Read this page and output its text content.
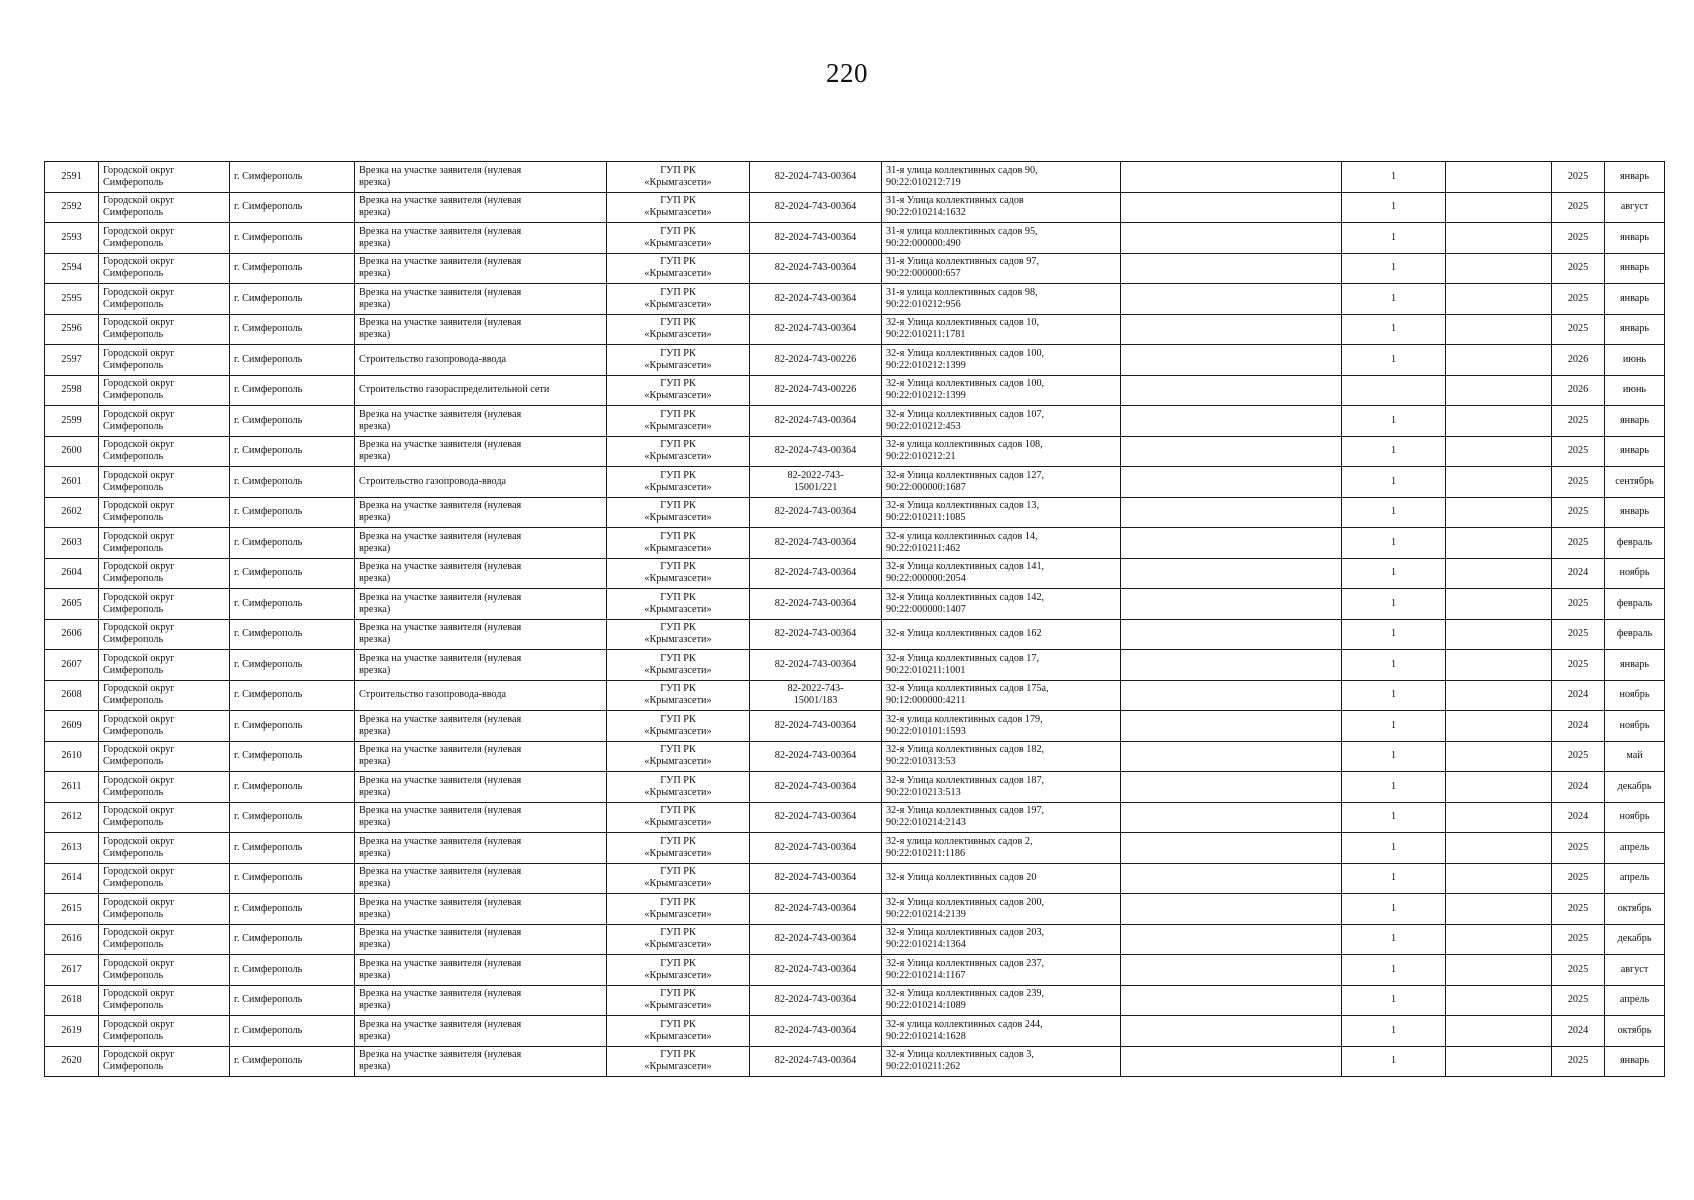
220
2591	Городской округ
Симферополь	г. Симферополь	Врезка на участке заявителя (нулевая
врезка)	ГУП РК
«Крымгазсети»	82-2024-743-00364	31-я улица коллективных садов 90,
90:22:010212:719		1		2025	январь
2592	Городской округ
Симферополь	г. Симферополь	Врезка на участке заявителя (нулевая
врезка)	ГУП РК
«Крымгазсети»	82-2024-743-00364	31-я Улица коллективных садов
90:22:010214:1632		1		2025	август
2593	Городской округ
Симферополь	г. Симферополь	Врезка на участке заявителя (нулевая
врезка)	ГУП РК
«Крымгазсети»	82-2024-743-00364	31-я улица коллективных садов 95,
90:22:000000:490		1		2025	январь
2594	Городской округ
Симферополь	г. Симферополь	Врезка на участке заявителя (нулевая
врезка)	ГУП РК
«Крымгазсети»	82-2024-743-00364	31-я Улица коллективных садов 97,
90:22:000000:657		1		2025	январь
2595	Городской округ
Симферополь	г. Симферополь	Врезка на участке заявителя (нулевая
врезка)	ГУП РК
«Крымгазсети»	82-2024-743-00364	31-я улица коллективных садов 98,
90:22:010212:956		1		2025	январь
2596	Городской округ
Симферополь	г. Симферополь	Врезка на участке заявителя (нулевая
врезка)	ГУП РК
«Крымгазсети»	82-2024-743-00364	32-я Улица коллективных садов 10,
90:22:010211:1781		1		2025	январь
2597	Городской округ
Симферополь	г. Симферополь	Строительство газопровода-ввода	ГУП РК
«Крымгазсети»	82-2024-743-00226	32-я Улица коллективных садов 100,
90:22:010212:1399		1		2026	июнь
2598	Городской округ
Симферополь	г. Симферополь	Строительство газораспределительной сети	ГУП РК
«Крымгазсети»	82-2024-743-00226	32-я Улица коллективных садов 100,
90:22:010212:1399				2026	июнь
2599	Городской округ
Симферополь	г. Симферополь	Врезка на участке заявителя (нулевая
врезка)	ГУП РК
«Крымгазсети»	82-2024-743-00364	32-я Улица коллективных садов 107,
90:22:010212:453		1		2025	январь
2600	Городской округ
Симферополь	г. Симферополь	Врезка на участке заявителя (нулевая
врезка)	ГУП РК
«Крымгазсети»	82-2024-743-00364	32-я улица коллективных садов 108,
90:22:010212:21		1		2025	январь
2601	Городской округ
Симферополь	г. Симферополь	Строительство газопровода-ввода	ГУП РК
«Крымгазсети»	82-2022-743-
15001/221	32-я Улица коллективных садов 127,
90:22:000000:1687		1		2025	сентябрь
2602	Городской округ
Симферополь	г. Симферополь	Врезка на участке заявителя (нулевая
врезка)	ГУП РК
«Крымгазсети»	82-2024-743-00364	32-я Улица коллективных садов 13,
90:22:010211:1085		1		2025	январь
2603	Городской округ
Симферополь	г. Симферополь	Врезка на участке заявителя (нулевая
врезка)	ГУП РК
«Крымгазсети»	82-2024-743-00364	32-я улица коллективных садов 14,
90:22:010211:462		1		2025	февраль
2604	Городской округ
Симферополь	г. Симферополь	Врезка на участке заявителя (нулевая
врезка)	ГУП РК
«Крымгазсети»	82-2024-743-00364	32-я Улица коллективных садов 141,
90:22:000000:2054		1		2024	ноябрь
2605	Городской округ
Симферополь	г. Симферополь	Врезка на участке заявителя (нулевая
врезка)	ГУП РК
«Крымгазсети»	82-2024-743-00364	32-я Улица коллективных садов 142,
90:22:000000:1407		1		2025	февраль
2606	Городской округ
Симферополь	г. Симферополь	Врезка на участке заявителя (нулевая
врезка)	ГУП РК
«Крымгазсети»	82-2024-743-00364	32-я Улица коллективных садов 162		1		2025	февраль
2607	Городской округ
Симферополь	г. Симферополь	Врезка на участке заявителя (нулевая
врезка)	ГУП РК
«Крымгазсети»	82-2024-743-00364	32-я Улица коллективных садов 17,
90:22:010211:1001		1		2025	январь
2608	Городской округ
Симферополь	г. Симферополь	Строительство газопровода-ввода	ГУП РК
«Крымгазсети»	82-2022-743-
15001/183	32-я Улица коллективных садов 175а,
90:12:000000:4211		1		2024	ноябрь
2609	Городской округ
Симферополь	г. Симферополь	Врезка на участке заявителя (нулевая
врезка)	ГУП РК
«Крымгазсети»	82-2024-743-00364	32-я улица коллективных садов 179,
90:22:010101:1593		1		2024	ноябрь
2610	Городской округ
Симферополь	г. Симферополь	Врезка на участке заявителя (нулевая
врезка)	ГУП РК
«Крымгазсети»	82-2024-743-00364	32-я Улица коллективных садов 182,
90:22:010313:53		1		2025	май
2611	Городской округ
Симферополь	г. Симферополь	Врезка на участке заявителя (нулевая
врезка)	ГУП РК
«Крымгазсети»	82-2024-743-00364	32-я Улица коллективных садов 187,
90:22:010213:513		1		2024	декабрь
2612	Городской округ
Симферополь	г. Симферополь	Врезка на участке заявителя (нулевая
врезка)	ГУП РК
«Крымгазсети»	82-2024-743-00364	32-я Улица коллективных садов 197,
90:22:010214:2143		1		2024	ноябрь
2613	Городской округ
Симферополь	г. Симферополь	Врезка на участке заявителя (нулевая
врезка)	ГУП РК
«Крымгазсети»	82-2024-743-00364	32-я улица коллективных садов 2,
90:22:010211:1186		1		2025	апрель
2614	Городской округ
Симферополь	г. Симферополь	Врезка на участке заявителя (нулевая
врезка)	ГУП РК
«Крымгазсети»	82-2024-743-00364	32-я Улица коллективных садов 20		1		2025	апрель
2615	Городской округ
Симферополь	г. Симферополь	Врезка на участке заявителя (нулевая
врезка)	ГУП РК
«Крымгазсети»	82-2024-743-00364	32-я Улица коллективных садов 200,
90:22:010214:2139		1		2025	октябрь
2616	Городской округ
Симферополь	г. Симферополь	Врезка на участке заявителя (нулевая
врезка)	ГУП РК
«Крымгазсети»	82-2024-743-00364	32-я Улица коллективных садов 203,
90:22:010214:1364		1		2025	декабрь
2617	Городской округ
Симферополь	г. Симферополь	Врезка на участке заявителя (нулевая
врезка)	ГУП РК
«Крымгазсети»	82-2024-743-00364	32-я Улица коллективных садов 237,
90:22:010214:1167		1		2025	август
2618	Городской округ
Симферополь	г. Симферополь	Врезка на участке заявителя (нулевая
врезка)	ГУП РК
«Крымгазсети»	82-2024-743-00364	32-я Улица коллективных садов 239,
90:22:010214:1089		1		2025	апрель
2619	Городской округ
Симферополь	г. Симферополь	Врезка на участке заявителя (нулевая
врезка)	ГУП РК
«Крымгазсети»	82-2024-743-00364	32-я улица коллективных садов 244,
90:22:010214:1628		1		2024	октябрь
2620	Городской округ
Симферополь	г. Симферополь	Врезка на участке заявителя (нулевая
врезка)	ГУП РК
«Крымгазсети»	82-2024-743-00364	32-я Улица коллективных садов 3,
90:22:010211:262		1		2025	январь
